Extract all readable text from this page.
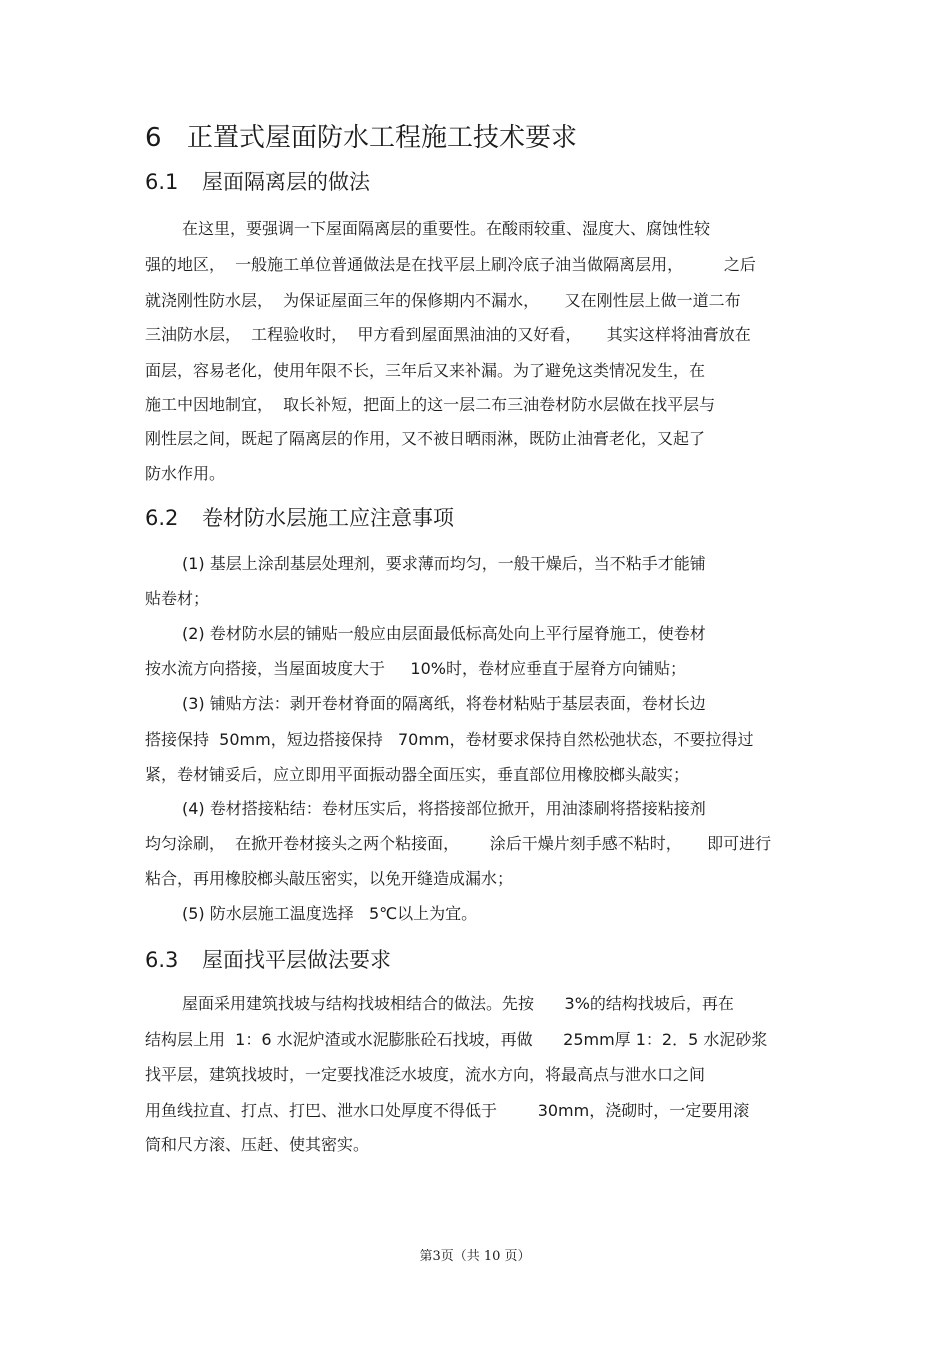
6 正置式屋面防水工程施工技术要求
6.1 屋面隔离层的做法
在这里，要强调一下屋面隔离层的重要性。在酸雨较重、湿度大、腐蚀性较
强的地区，  一般施工单位普通做法是在找平层上刷冷底子油当做隔离层用，        之后
就浇刚性防水层，  为保证屋面三年的保修期内不漏水，     又在刚性层上做一道二布
三油防水层，  工程验收时，  甲方看到屋面黑油油的又好看，     其实这样将油膏放在
面层，容易老化，使用年限不长，三年后又来补漏。为了避免这类情况发生，在
施工中因地制宜，  取长补短，把面上的这一层二布三油卷材防水层做在找平层与
刚性层之间，既起了隔离层的作用，又不被日晒雨淋，既防止油膏老化，又起了
防水作用。
6.2 卷材防水层施工应注意事项
(1) 基层上涂刮基层处理剂，要求薄而均匀，一般干燥后，当不粘手才能铺
贴卷材；
(2) 卷材防水层的铺贴一般应由层面最低标高处向上平行屋脊施工，使卷材
按水流方向搭接，当屋面坡度大于     10%时，卷材应垂直于屋脊方向铺贴；
(3) 铺贴方法：剥开卷材脊面的隔离纸，将卷材粘贴于基层表面，卷材长边
搭接保持  50mm，短边搭接保持   70mm，卷材要求保持自然松弛状态，不要拉得过
紧，卷材铺妥后，应立即用平面振动器全面压实，垂直部位用橡胶榔头敲实；
(4) 卷材搭接粘结：卷材压实后，将搭接部位掀开，用油漆刷将搭接粘接剂
均匀涂刷，  在掀开卷材接头之两个粘接面，      涂后干燥片刻手感不粘时，     即可进行
粘合，再用橡胶榔头敲压密实，以免开缝造成漏水；
(5) 防水层施工温度选择   5℃以上为宜。
6.3 屋面找平层做法要求
屋面采用建筑找坡与结构找坡相结合的做法。先按      3%的结构找坡后，再在
结构层上用  1：6 水泥炉渣或水泥膨胀砼石找坡，再做      25mm厚 1：2．5 水泥砂浆
找平层，建筑找坡时，一定要找准泛水坡度，流水方向，将最高点与泄水口之间
用鱼线拉直、打点、打巴、泄水口处厚度不得低于        30mm，浇砌时，一定要用滚
筒和尺方滚、压赶、使其密实。
第3页（共 10 页）
